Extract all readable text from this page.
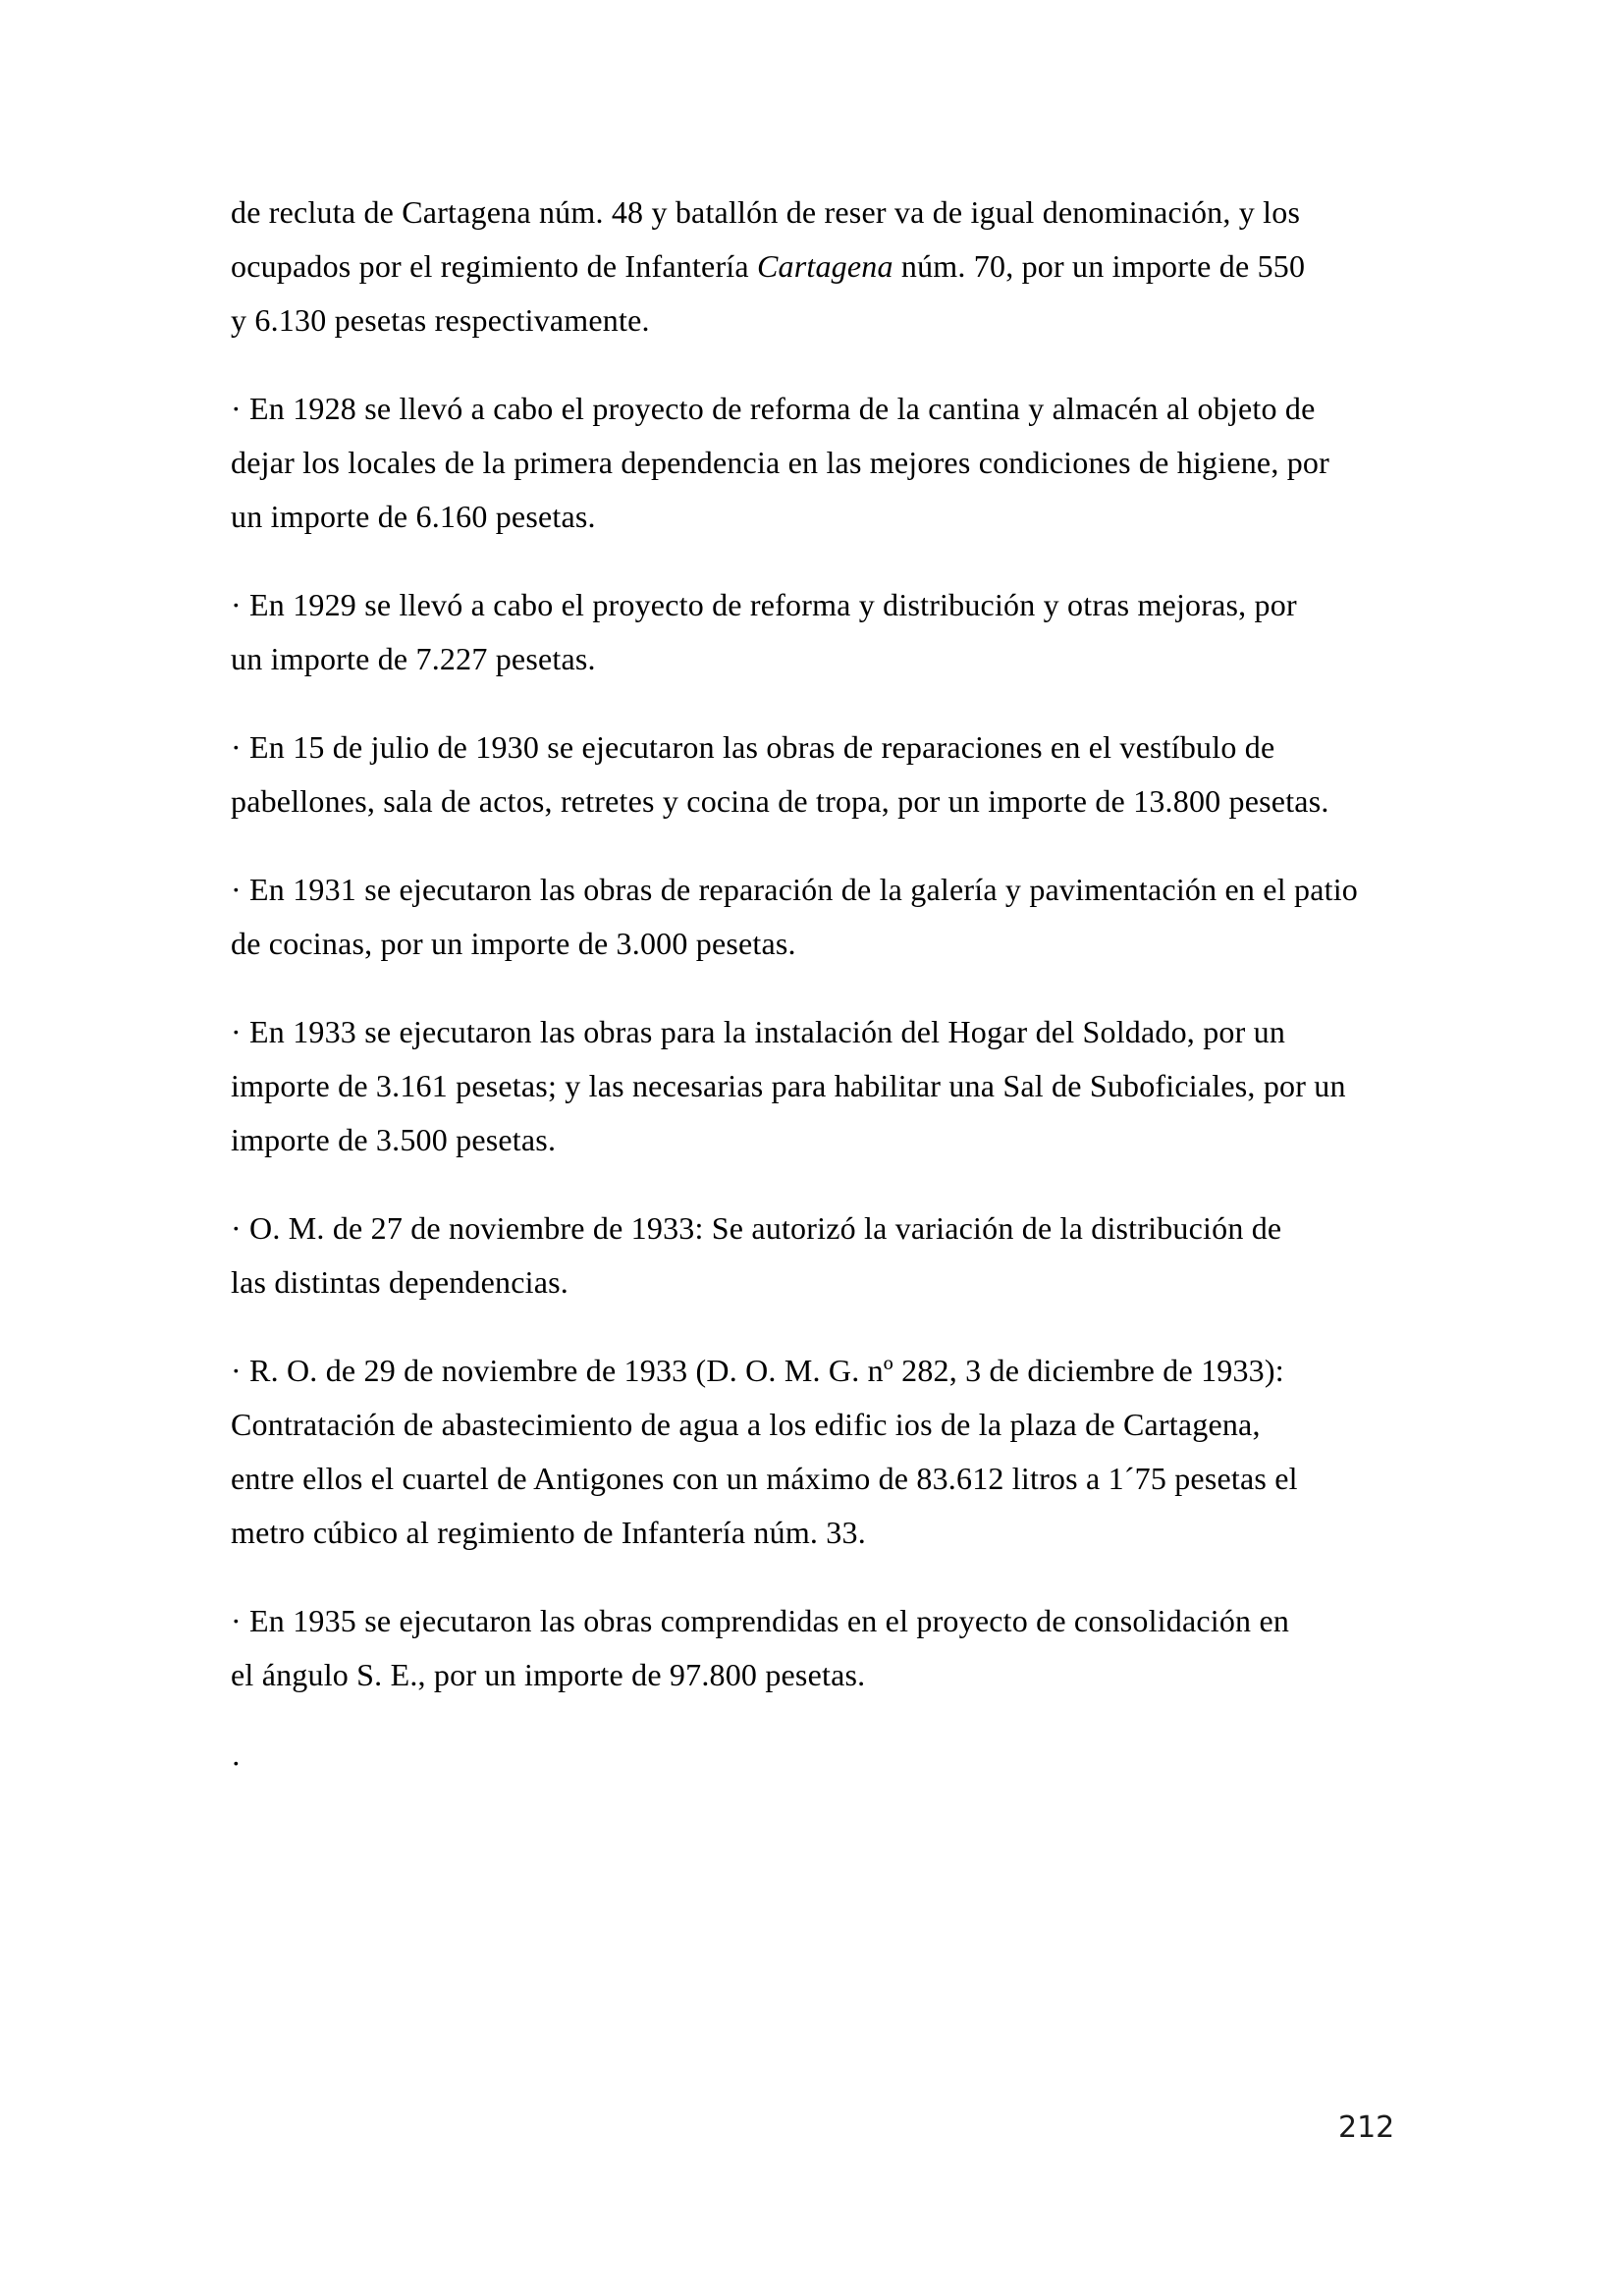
de recluta de Cartagena núm. 48 y batallón de reser va de igual denominación, y los
ocupados por el regimiento de Infantería Cartagena núm. 70, por un importe de 550
y 6.130 pesetas respectivamente.
· En 1928 se llevó a cabo el proyecto de reforma de la cantina y almacén al objeto de
dejar los locales de la primera dependencia en las mejores condiciones de higiene, por
un importe de 6.160 pesetas.
· En 1929 se llevó a cabo el proyecto de reforma y distribución y otras mejoras, por
un importe de 7.227 pesetas.
· En 15 de julio de 1930 se ejecutaron las obras de reparaciones en el vestíbulo de
pabellones, sala de actos, retretes y cocina de tropa, por un importe de 13.800 pesetas.
· En 1931 se ejecutaron las obras de reparación de la galería y pavimentación en el patio
de cocinas, por un importe de 3.000 pesetas.
· En 1933 se ejecutaron las obras para la instalación del Hogar del Soldado, por un
importe de 3.161 pesetas; y las necesarias para habilitar una Sal de Suboficiales, por un
importe de 3.500 pesetas.
· O. M. de 27 de noviembre de 1933: Se autorizó la variación de la distribución de
las distintas dependencias.
· R. O. de 29 de noviembre de 1933 (D. O. M. G. nº 282, 3 de diciembre de 1933):
Contratación de abastecimiento de agua a los edific ios de la plaza de Cartagena,
entre ellos el cuartel de Antigones con un máximo de 83.612 litros a 1´75 pesetas el
metro cúbico al regimiento de Infantería núm. 33.
· En 1935 se ejecutaron las obras comprendidas en el proyecto de consolidación en
el ángulo S. E., por un importe de 97.800 pesetas.
·
212
